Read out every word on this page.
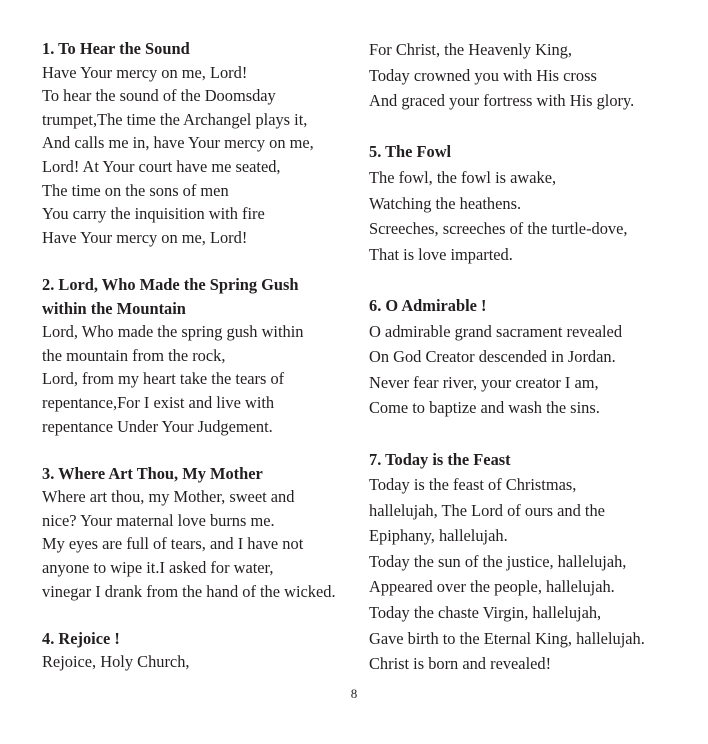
1. To Hear the Sound
Have Your mercy on me, Lord!
To hear the sound of the Doomsday
trumpet,The time the Archangel plays it,
And calls me in, have Your mercy on me,
Lord! At Your court have me seated,
The time on the sons of men
You carry the inquisition with fire
Have Your mercy on me, Lord!
2. Lord, Who Made the Spring Gush
within the Mountain
Lord, Who made the spring gush within
the mountain from the rock,
Lord, from my heart take the tears of
repentance,For I exist and live with
repentance Under Your Judgement.
3. Where Art Thou, My Mother
Where art thou, my Mother, sweet and
nice? Your maternal love burns me.
My eyes are full of tears, and I have not
anyone to wipe it.I asked for water,
vinegar I drank from the hand of the wicked.
4. Rejoice !
Rejoice, Holy Church,
For Christ, the Heavenly King,
Today crowned you with His cross
And graced your fortress with His glory.
5. The Fowl
The fowl, the fowl is awake,
Watching the heathens.
Screeches, screeches of the turtle-dove,
That is love imparted.
6. O Admirable !
O admirable grand sacrament revealed
On God Creator descended in Jordan.
Never fear river, your creator I am,
Come to baptize and wash the sins.
7. Today is the Feast
Today is the feast of Christmas,
hallelujah, The Lord of ours and the
Epiphany, hallelujah.
Today the sun of the justice, hallelujah,
Appeared over the people, hallelujah.
Today the chaste Virgin, hallelujah,
Gave birth to the Eternal King, hallelujah.
Christ is born and revealed!
8
